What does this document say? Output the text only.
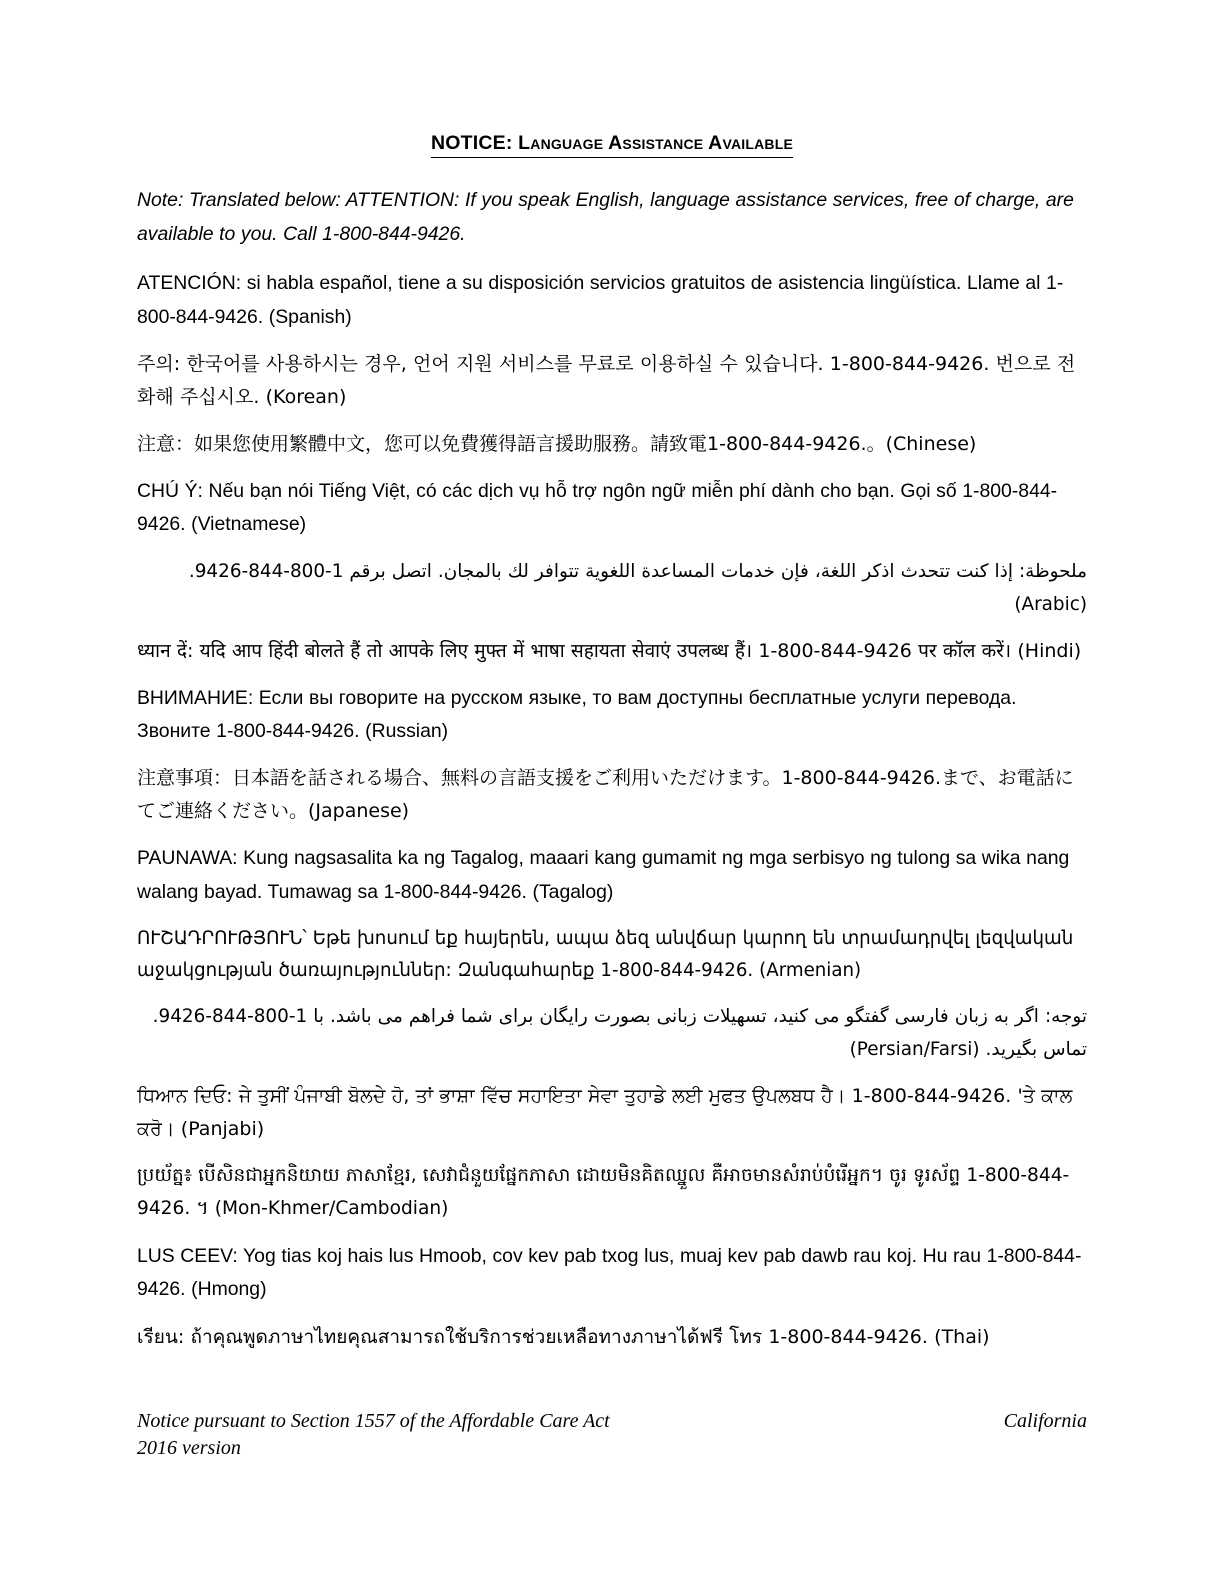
NOTICE: Language Assistance Available

Note: Translated below: ATTENTION: If you speak English, language assistance services, free of charge, are available to you. Call 1-800-844-9426.

ATENCIÓN: si habla español, tiene a su disposición servicios gratuitos de asistencia lingüística. Llame al 1-800-844-9426. (Spanish)

주의: 한국어를 사용하시는 경우, 언어 지원 서비스를 무료로 이용하실 수 있습니다. 1-800-844-9426. 번으로 전화해 주십시오. (Korean)

注意：如果您使用繁體中文，您可以免費獲得語言援助服務。請致電1-800-844-9426.。(Chinese)

CHÚ Ý: Nếu bạn nói Tiếng Việt, có các dịch vụ hỗ trợ ngôn ngữ miễn phí dành cho bạn. Gọi số 1-800-844-9426. (Vietnamese)

ملحوظة: إذا كنت تتحدث اذكر اللغة، فإن خدمات المساعدة اللغوية تتوافر لك بالمجان. اتصل برقم 1-800-844-9426. (Arabic)

ध्यान दें: यदि आप हिंदी बोलते हैं तो आपके लिए मुफ्त में भाषा सहायता सेवाएं उपलब्ध हैं। 1-800-844-9426 पर कॉल करें। (Hindi)

ВНИМАНИЕ: Если вы говорите на русском языке, то вам доступны бесплатные услуги перевода. Звоните 1-800-844-9426. (Russian)

注意事項：日本語を話される場合、無料の言語支援をご利用いただけます。1-800-844-9426.まで、お電話にてご連絡ください。(Japanese)

PAUNAWA: Kung nagsasalita ka ng Tagalog, maaari kang gumamit ng mga serbisyo ng tulong sa wika nang walang bayad. Tumawag sa 1-800-844-9426. (Tagalog)

ՈՒՇԱԴՐՈՒԹՅՈՒՆ՝ Եթե խոսում եք հայերեն, ապա ձեզ անվճար կարող են տրամադրվել լեզվական աջակցության ծառայություններ: Զանգահարեք 1-800-844-9426. (Armenian)

توجه: اگر به زبان فارسی گفتگو می کنید، تسهیلات زبانی بصورت رایگان برای شما فراهم می باشد. با 1-800-844-9426. تماس بگیرید. (Persian/Farsi)

ਧਿਆਨ ਦਿਓ: ਜੇ ਤੁਸੀਂ ਪੰਜਾਬੀ ਬੋਲਦੇ ਹੋ, ਤਾਂ ਭਾਸ਼ਾ ਵਿੱਚ ਸਹਾਇਤਾ ਸੇਵਾ ਤੁਹਾਡੇ ਲਈ ਮੁਫਤ ਉਪਲਬਧ ਹੈ। 1-800-844-9426. 'ਤੇ ਕਾਲ ਕਰੋ। (Panjabi)

ប្រយ័ត្ន៖ បើសិនជាអ្នកនិយាយ ភាសាខ្មែរ, សេវាជំនួយផ្នែកភាសា ដោយមិនគិតឈ្នួល គឺអាចមានសំរាប់បំរើអ្នក។ ចូរ ទូរស័ព្ទ 1-800-844-9426. ។ (Mon-Khmer/Cambodian)

LUS CEEV: Yog tias koj hais lus Hmoob, cov kev pab txog lus, muaj kev pab dawb rau koj. Hu rau 1-800-844-9426. (Hmong)

เรียน: ถ้าคุณพูดภาษาไทยคุณสามารถใช้บริการช่วยเหลือทางภาษาได้ฟรี โทร 1-800-844-9426. (Thai)

Notice pursuant to Section 1557 of the Affordable Care Act	California
2016 version
